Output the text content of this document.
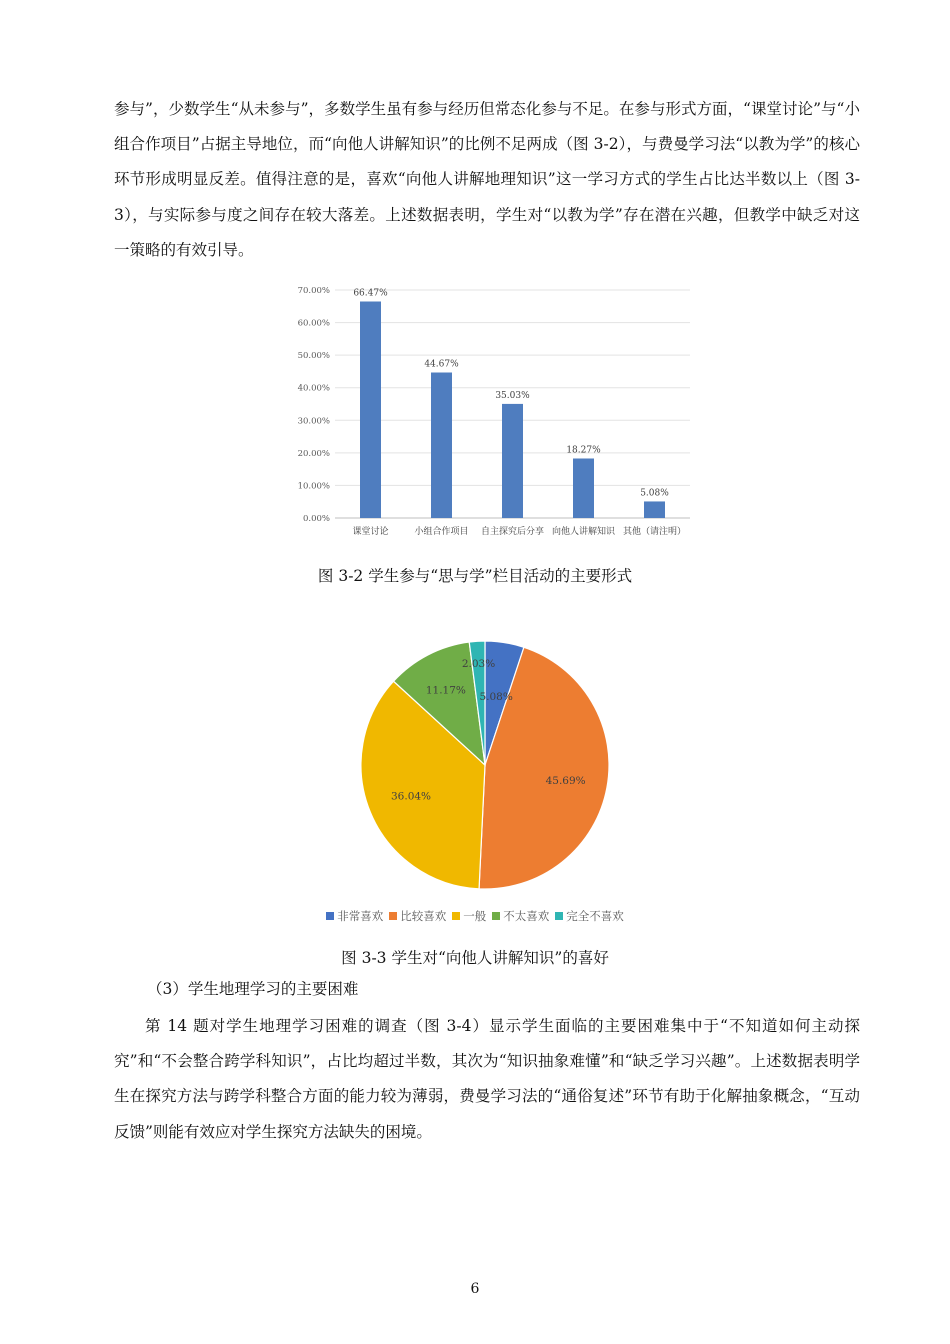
参与”，少数学生“从未参与”，多数学生虽有参与经历但常态化参与不足。在参与形式方面，“课堂讨论”与“小组合作项目”占据主导地位，而“向他人讲解知识”的比例不足两成（图 3-2），与费曼学习法“以教为学”的核心环节形成明显反差。值得注意的是，喜欢“向他人讲解地理知识”这一学习方式的学生占比达半数以上（图 3-3），与实际参与度之间存在较大落差。上述数据表明，学生对“以教为学”存在潜在兴趣，但教学中缺乏对这一策略的有效引导。

0.00%
10.00%
20.00%
30.00%
40.00%
50.00%
60.00%
70.00%	66.47%
44.67%
35.03%
18.27%
5.08%
课堂讨论	小组合作项目 自主探究后分享 向他人讲解知识 其他（请注明）
图 3-2 学生参与“思与学”栏目活动的主要形式
5.08%
45.69%
36.04%
11.17%
2.03%
非常喜欢 比较喜欢 一般 不太喜欢 完全不喜欢
图 3-3 学生对“向他人讲解知识”的喜好
（3）学生地理学习的主要困难

第 14 题对学生地理学习困难的调查（图 3-4）显示学生面临的主要困难集中于“不知道如何主动探究”和“不会整合跨学科知识”，占比均超过半数，其次为“知识抽象难懂”和“缺乏学习兴趣”。上述数据表明学生在探究方法与跨学科整合方面的能力较为薄弱，费曼学习法的“通俗复述”环节有助于化解抽象概念，“互动反馈”则能有效应对学生探究方法缺失的困境。

6
